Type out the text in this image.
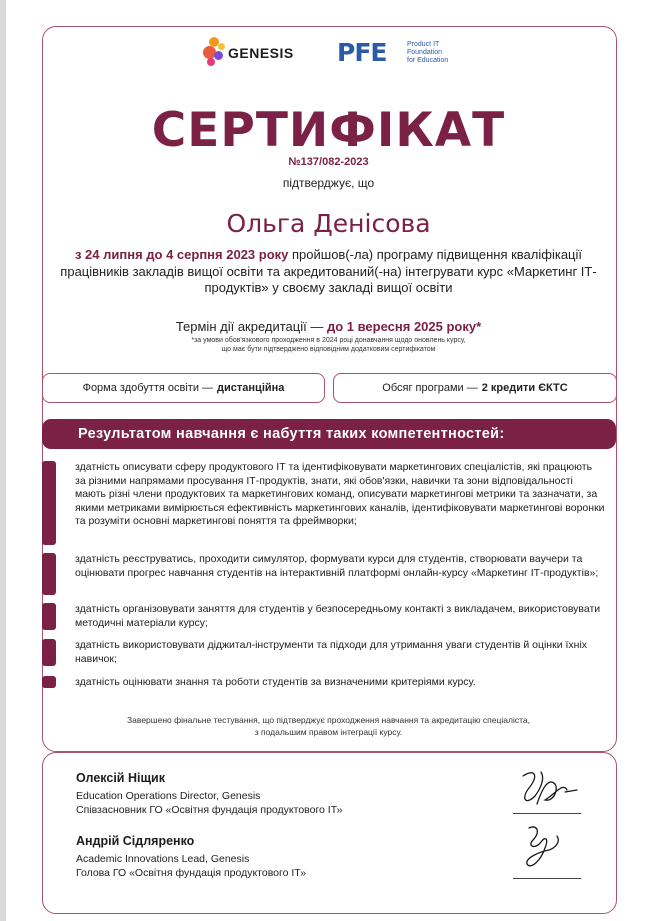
GENESIS PFE	Product IT
Foundation
for Education
СЕРТИФІКАТ
№137/082-2023
підтверджує, що
Ольга Денісова
з 24 липня до 4 серпня 2023 року пройшов(-ла) програму підвищення кваліфікації працівників закладів вищої освіти та акредитований(-на) інтегрувати курс «Маркетинг ІТ-продуктів» у своєму закладі вищої освіти
Термін дії акредитації — до 1 вересня 2025 року*
*за умови обов'язкового проходження в 2024 році донавчання щодо оновлень курсу,
що має бути підтверджено відповідним додатковим сертифікатом
Форма здобуття освіти — дистанційна	Обсяг програми — 2 кредити ЄКТС
Результатом навчання є набуття таких компетентностей:
здатність описувати сферу продуктового ІТ та ідентифіковувати маркетингових спеціалістів, які працюють за різними напрямами просування ІТ-продуктів, знати, які обов'язки, навички та зони відповідальності мають різні члени продуктових та маркетингових команд, описувати маркетингові метрики та зазначати, за якими метриками вимірюється ефективність маркетингових каналів, ідентифіковувати маркетингові воронки та розуміти основні маркетингові поняття та фреймворки;
здатність реєструватись, проходити симулятор, формувати курси для студентів, створювати ваучери та оцінювати прогрес навчання студентів на інтерактивній платформі онлайн-курсу «Маркетинг ІТ-продуктів»;
здатність організовувати заняття для студентів у безпосередньому контакті з викладачем, використовувати методичні матеріали курсу;
здатність використовувати діджитал-інструменти та підходи для утримання уваги студентів й оцінки їхніх навичок;
здатність оцінювати знання та роботи студентів за визначеними критеріями курсу.
Завершено фінальне тестування, що підтверджує проходження навчання та акредитацію спеціаліста,
з подальшим правом інтеграції курсу.
Олексій Ніщик
Education Operations Director, Genesis
Співзасновник ГО «Освітня фундація продуктового ІТ»
Андрій Сідляренко
Academic Innovations Lead, Genesis
Голова ГО «Освітня фундація продуктового ІТ»
